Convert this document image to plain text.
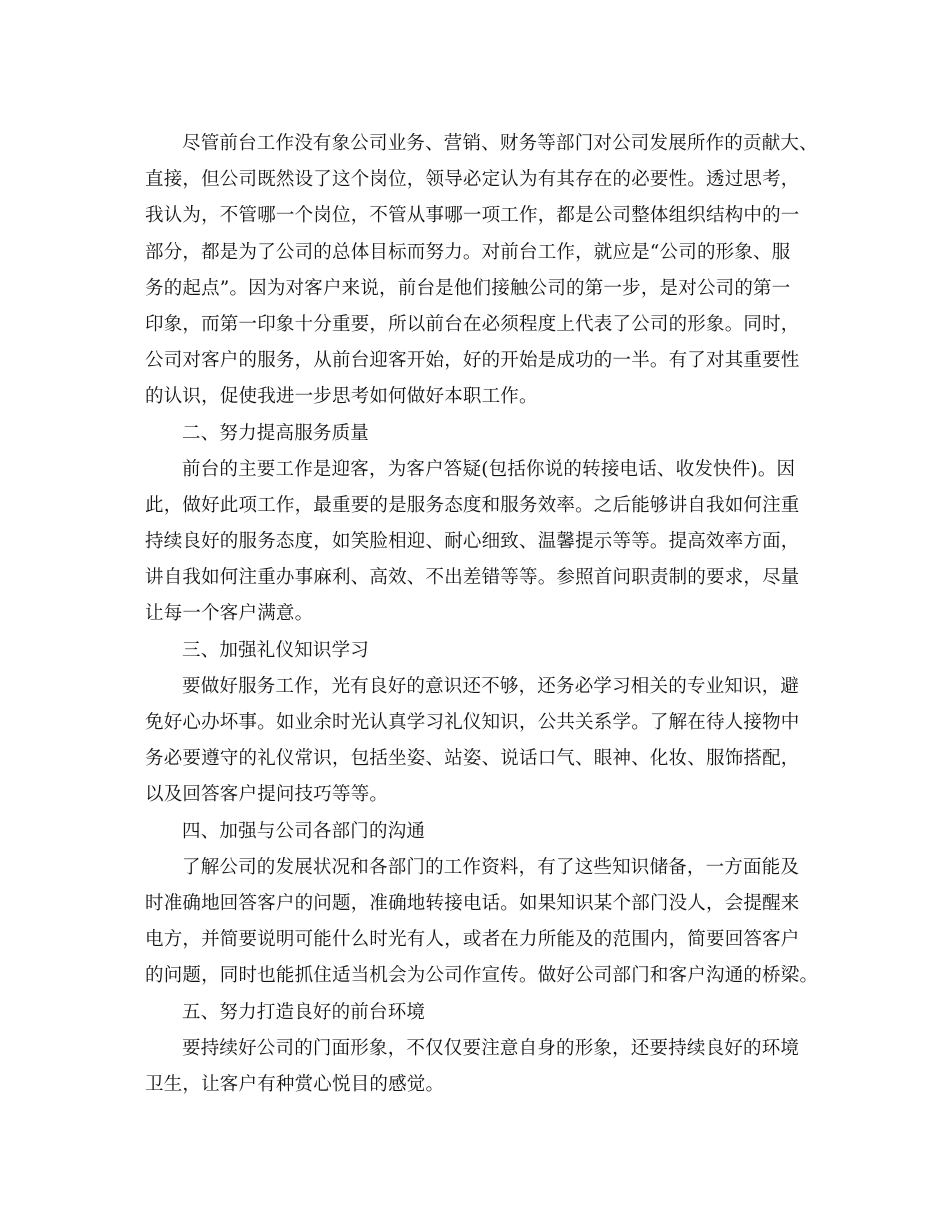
尽管前台工作没有象公司业务、营销、财务等部门对公司发展所作的贡献大、
直接，但公司既然设了这个岗位，领导必定认为有其存在的必要性。透过思考，
我认为，不管哪一个岗位，不管从事哪一项工作，都是公司整体组织结构中的一
部分，都是为了公司的总体目标而努力。对前台工作，就应是“公司的形象、服
务的起点”。因为对客户来说，前台是他们接触公司的第一步，是对公司的第一
印象，而第一印象十分重要，所以前台在必须程度上代表了公司的形象。同时，
公司对客户的服务，从前台迎客开始，好的开始是成功的一半。有了对其重要性
的认识，促使我进一步思考如何做好本职工作。
二、努力提高服务质量
前台的主要工作是迎客，为客户答疑(包括你说的转接电话、收发快件)。因
此，做好此项工作，最重要的是服务态度和服务效率。之后能够讲自我如何注重
持续良好的服务态度，如笑脸相迎、耐心细致、温馨提示等等。提高效率方面，
讲自我如何注重办事麻利、高效、不出差错等等。参照首问职责制的要求，尽量
让每一个客户满意。
三、加强礼仪知识学习
要做好服务工作，光有良好的意识还不够，还务必学习相关的专业知识，避
免好心办坏事。如业余时光认真学习礼仪知识，公共关系学。了解在待人接物中
务必要遵守的礼仪常识，包括坐姿、站姿、说话口气、眼神、化妆、服饰搭配，
以及回答客户提问技巧等等。
四、加强与公司各部门的沟通
了解公司的发展状况和各部门的工作资料，有了这些知识储备，一方面能及
时准确地回答客户的问题，准确地转接电话。如果知识某个部门没人，会提醒来
电方，并简要说明可能什么时光有人，或者在力所能及的范围内，简要回答客户
的问题，同时也能抓住适当机会为公司作宣传。做好公司部门和客户沟通的桥梁。
五、努力打造良好的前台环境
要持续好公司的门面形象，不仅仅要注意自身的形象，还要持续良好的环境
卫生，让客户有种赏心悦目的感觉。
